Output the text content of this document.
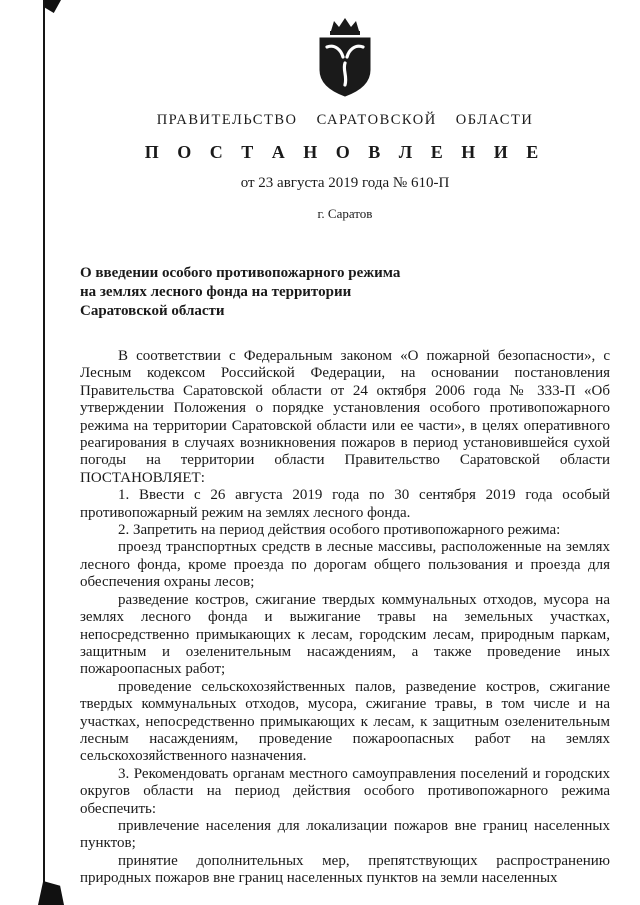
ПРАВИТЕЛЬСТВО САРАТОВСКОЙ ОБЛАСТИ
П О С Т А Н О В Л Е Н И Е
от 23 августа 2019 года № 610-П
г. Саратов
О введении особого противопожарного режима
на землях лесного фонда на территории
Саратовской области

В соответствии с Федеральным законом «О пожарной безопасности», с Лесным кодексом Российской Федерации, на основании постановления Правительства Саратовской области от 24 октября 2006 года № 333-П «Об утверждении Положения о порядке установления особого противопожарного режима на территории Саратовской области или ее части», в целях оперативного реагирования в случаях возникновения пожаров в период установившейся сухой погоды на территории области Правительство Саратовской области ПОСТАНОВЛЯЕТ:

1. Ввести с 26 августа 2019 года по 30 сентября 2019 года особый противопожарный режим на землях лесного фонда.

2. Запретить на период действия особого противопожарного режима:

проезд транспортных средств в лесные массивы, расположенные на землях лесного фонда, кроме проезда по дорогам общего пользования и проезда для обеспечения охраны лесов;

разведение костров, сжигание твердых коммунальных отходов, мусора на землях лесного фонда и выжигание травы на земельных участках, непосредственно примыкающих к лесам, городским лесам, природным паркам, защитным и озеленительным насаждениям, а также проведение иных пожароопасных работ;

проведение сельскохозяйственных палов, разведение костров, сжигание твердых коммунальных отходов, мусора, сжигание травы, в том числе и на участках, непосредственно примыкающих к лесам, к защитным озеленительным лесным насаждениям, проведение пожароопасных работ на землях сельскохозяйственного назначения.

3. Рекомендовать органам местного самоуправления поселений и городских округов области на период действия особого противопожарного режима обеспечить:

привлечение населения для локализации пожаров вне границ населенных пунктов;

принятие дополнительных мер, препятствующих распространению природных пожаров вне границ населенных пунктов на земли населенных
